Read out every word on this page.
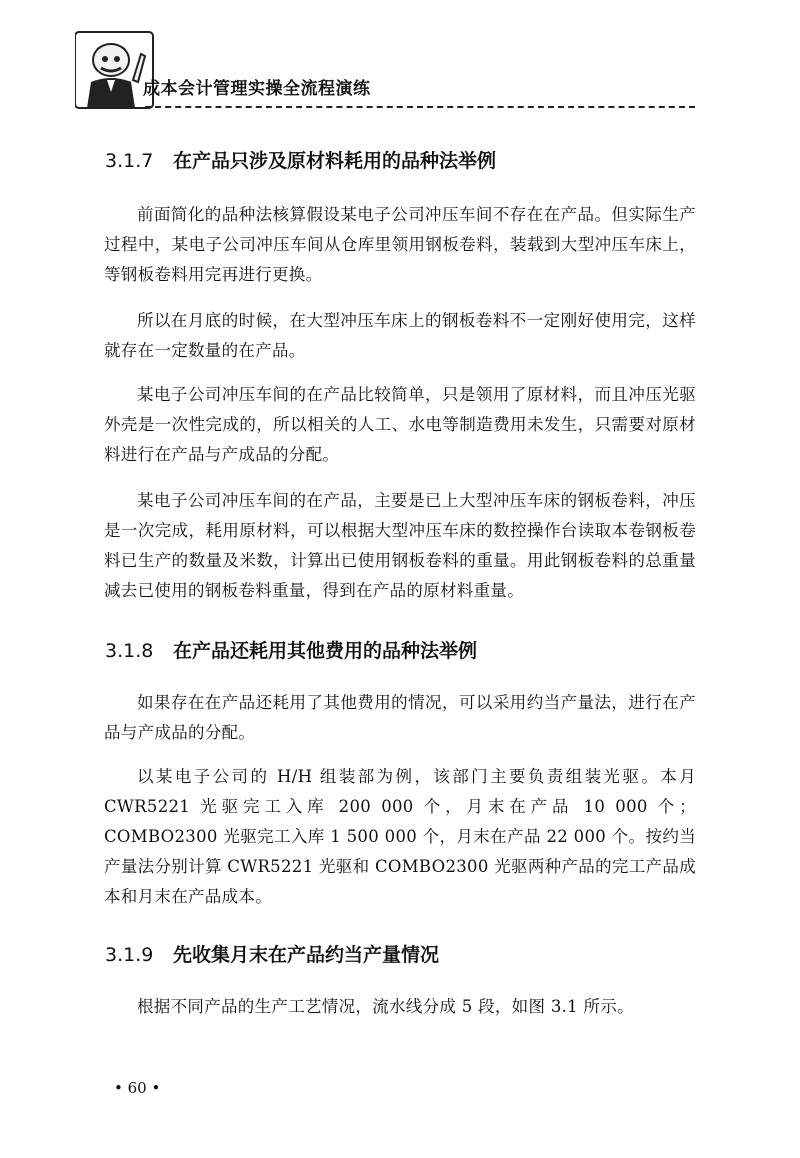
成本会计管理实操全流程演练
3.1.7 在产品只涉及原材料耗用的品种法举例

前面简化的品种法核算假设某电子公司冲压车间不存在在产品。但实际生产过程中，某电子公司冲压车间从仓库里领用钢板卷料，装载到大型冲压车床上，等钢板卷料用完再进行更换。

所以在月底的时候，在大型冲压车床上的钢板卷料不一定刚好使用完，这样就存在一定数量的在产品。

某电子公司冲压车间的在产品比较简单，只是领用了原材料，而且冲压光驱外壳是一次性完成的，所以相关的人工、水电等制造费用未发生，只需要对原材料进行在产品与产成品的分配。

某电子公司冲压车间的在产品，主要是已上大型冲压车床的钢板卷料，冲压是一次完成，耗用原材料，可以根据大型冲压车床的数控操作台读取本卷钢板卷料已生产的数量及米数，计算出已使用钢板卷料的重量。用此钢板卷料的总重量减去已使用的钢板卷料重量，得到在产品的原材料重量。

3.1.8 在产品还耗用其他费用的品种法举例

如果存在在产品还耗用了其他费用的情况，可以采用约当产量法，进行在产品与产成品的分配。

以某电子公司的 H/H 组装部为例，该部门主要负责组装光驱。本月 CWR5221 光驱完工入库 200 000 个，月末在产品 10 000 个；COMBO2300 光驱完工入库 1 500 000 个，月末在产品 22 000 个。按约当产量法分别计算 CWR5221 光驱和 COMBO2300 光驱两种产品的完工产品成本和月末在产品成本。

3.1.9 先收集月末在产品约当产量情况

根据不同产品的生产工艺情况，流水线分成 5 段，如图 3.1 所示。

• 60 •
